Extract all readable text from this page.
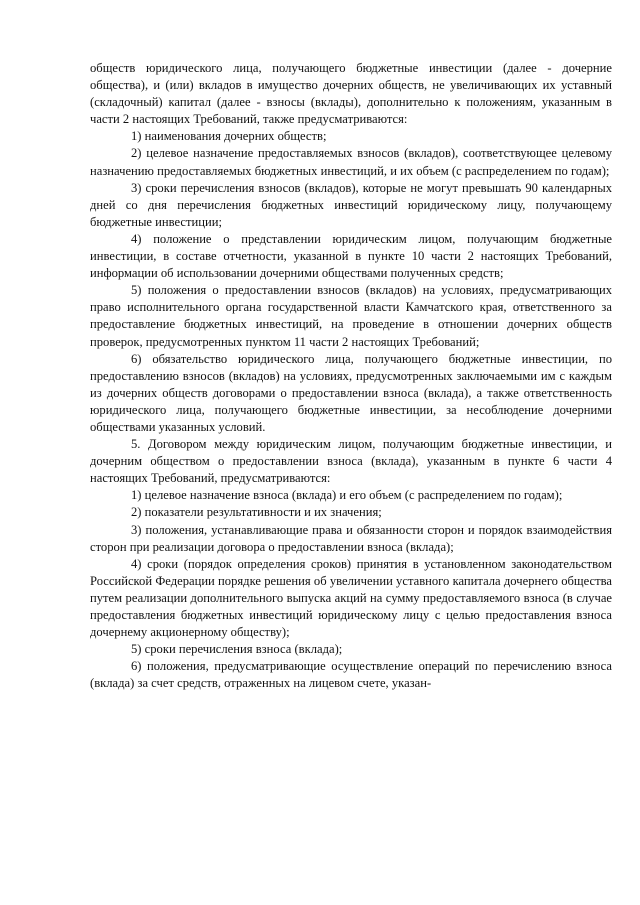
обществ юридического лица, получающего бюджетные инвестиции (далее - дочерние общества), и (или) вкладов в имущество дочерних обществ, не увеличивающих их уставный (складочный) капитал (далее - взносы (вклады), дополнительно к положениям, указанным в части 2 настоящих Требований, также предусматриваются:

1) наименования дочерних обществ;

2) целевое назначение предоставляемых взносов (вкладов), соответствующее целевому назначению предоставляемых бюджетных инвестиций, и их объем (с распределением по годам);

3) сроки перечисления взносов (вкладов), которые не могут превышать 90 календарных дней со дня перечисления бюджетных инвестиций юридическому лицу, получающему бюджетные инвестиции;

4) положение о представлении юридическим лицом, получающим бюджетные инвестиции, в составе отчетности, указанной в пункте 10 части 2 настоящих Требований, информации об использовании дочерними обществами полученных средств;

5) положения о предоставлении взносов (вкладов) на условиях, предусматривающих право исполнительного органа государственной власти Камчатского края, ответственного за предоставление бюджетных инвестиций, на проведение в отношении дочерних обществ проверок, предусмотренных пунктом 11 части 2 настоящих Требований;

6) обязательство юридического лица, получающего бюджетные инвестиции, по предоставлению взносов (вкладов) на условиях, предусмотренных заключаемыми им с каждым из дочерних обществ договорами о предоставлении взноса (вклада), а также ответственность юридического лица, получающего бюджетные инвестиции, за несоблюдение дочерними обществами указанных условий.

5. Договором между юридическим лицом, получающим бюджетные инвестиции, и дочерним обществом о предоставлении взноса (вклада), указанным в пункте 6 части 4 настоящих Требований, предусматриваются:

1) целевое назначение взноса (вклада) и его объем (с распределением по годам);

2) показатели результативности и их значения;

3) положения, устанавливающие права и обязанности сторон и порядок взаимодействия сторон при реализации договора о предоставлении взноса (вклада);

4) сроки (порядок определения сроков) принятия в установленном законодательством Российской Федерации порядке решения об увеличении уставного капитала дочернего общества путем реализации дополнительного выпуска акций на сумму предоставляемого взноса (в случае предоставления бюджетных инвестиций юридическому лицу с целью предоставления взноса дочернему акционерному обществу);

5) сроки перечисления взноса (вклада);

6) положения, предусматривающие осуществление операций по перечислению взноса (вклада) за счет средств, отраженных на лицевом счете, указан-
